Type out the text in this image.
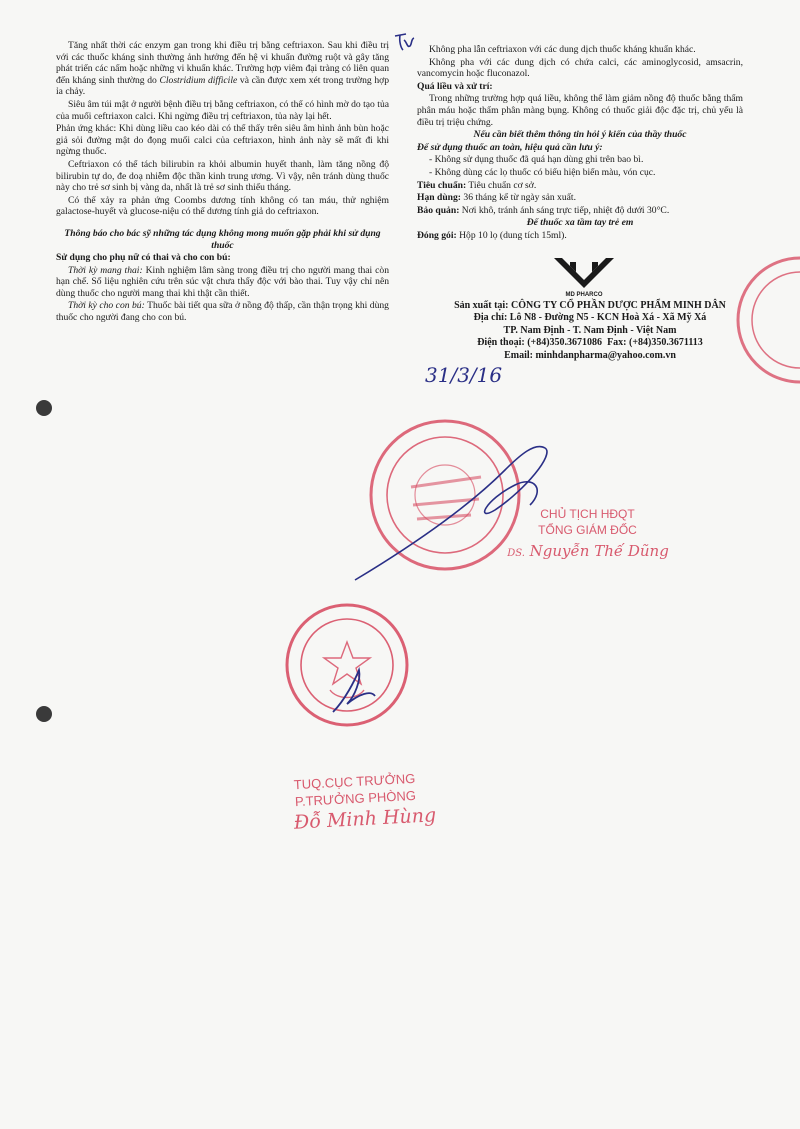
Tăng nhất thời các enzym gan trong khi điều trị bằng ceftriaxon. Sau khi điều trị với các thuốc kháng sinh thường ảnh hưởng đến hệ vi khuẩn đường ruột và gây tăng phát triển các nấm hoặc những vi khuẩn khác. Trường hợp viêm đại tràng có liên quan đến kháng sinh thường do Clostridium difficile và cần được xem xét trong trường hợp ỉa chảy.

Siêu âm túi mật ở người bệnh điều trị bằng ceftriaxon, có thể có hình mờ do tạo tủa của muối ceftriaxon calci. Khi ngừng điều trị ceftriaxon, tủa này lại hết.

Phản ứng khác: Khi dùng liều cao kéo dài có thể thấy trên siêu âm hình ảnh bùn hoặc giả sỏi đường mật do đọng muối calci của ceftriaxon, hình ảnh này sẽ mất đi khi ngừng thuốc.

Ceftriaxon có thể tách bilirubin ra khỏi albumin huyết thanh, làm tăng nồng độ bilirubin tự do, đe doạ nhiễm độc thần kinh trung ương. Vì vậy, nên tránh dùng thuốc này cho trẻ sơ sinh bị vàng da, nhất là trẻ sơ sinh thiếu tháng.

Có thể xảy ra phản ứng Coombs dương tính không có tan máu, thử nghiệm galactose-huyết và glucose-niệu có thể dương tính giả do ceftriaxon.

Thông báo cho bác sỹ những tác dụng không mong muốn gặp phải khi sử dụng thuốc

Sử dụng cho phụ nữ có thai và cho con bú:

Thời kỳ mang thai: Kinh nghiệm lâm sàng trong điều trị cho người mang thai còn hạn chế. Số liệu nghiên cứu trên súc vật chưa thấy độc với bào thai. Tuy vậy chỉ nên dùng thuốc cho người mang thai khi thật cần thiết.

Thời kỳ cho con bú: Thuốc bài tiết qua sữa ở nồng độ thấp, cần thận trọng khi dùng thuốc cho người đang cho con bú.

Không pha lẫn ceftriaxon với các dung dịch thuốc kháng khuẩn khác.

Không pha với các dung dịch có chứa calci, các aminoglycosid, amsacrin, vancomycin hoặc fluconazol.

Quá liều và xử trí:

Trong những trường hợp quá liều, không thể làm giảm nồng độ thuốc bằng thẩm phân máu hoặc thẩm phân màng bụng. Không có thuốc giải độc đặc trị, chủ yếu là điều trị triệu chứng.

Nếu cần biết thêm thông tin hỏi ý kiến của thầy thuốc

Để sử dụng thuốc an toàn, hiệu quả cần lưu ý:

- Không sử dụng thuốc đã quá hạn dùng ghi trên bao bì.

- Không dùng các lọ thuốc có biểu hiện biến màu, vón cục.

Tiêu chuẩn: Tiêu chuẩn cơ sở.

Hạn dùng: 36 tháng kể từ ngày sản xuất.

Bảo quản: Nơi khô, tránh ánh sáng trực tiếp, nhiệt độ dưới 30°C.

Để thuốc xa tầm tay trẻ em

Đóng gói: Hộp 10 lọ (dung tích 15ml).

MD PHARCO
Sản xuất tại: CÔNG TY CỔ PHẦN DƯỢC PHẨM MINH DÂN
Địa chỉ: Lô N8 - Đường N5 - KCN Hoà Xá - Xã Mỹ Xá
TP. Nam Định - T. Nam Định - Việt Nam
Điện thoại: (+84)350.3671086 Fax: (+84)350.3671113
Email: minhdanpharma@yahoo.com.vn
31/3/16
CHỦ TỊCH HĐQT
TỔNG GIÁM ĐỐC
DS. Nguyễn Thế Dũng
TUQ.CỤC TRƯỞNG
P.TRƯỞNG PHÒNG
Đỗ Minh Hùng
